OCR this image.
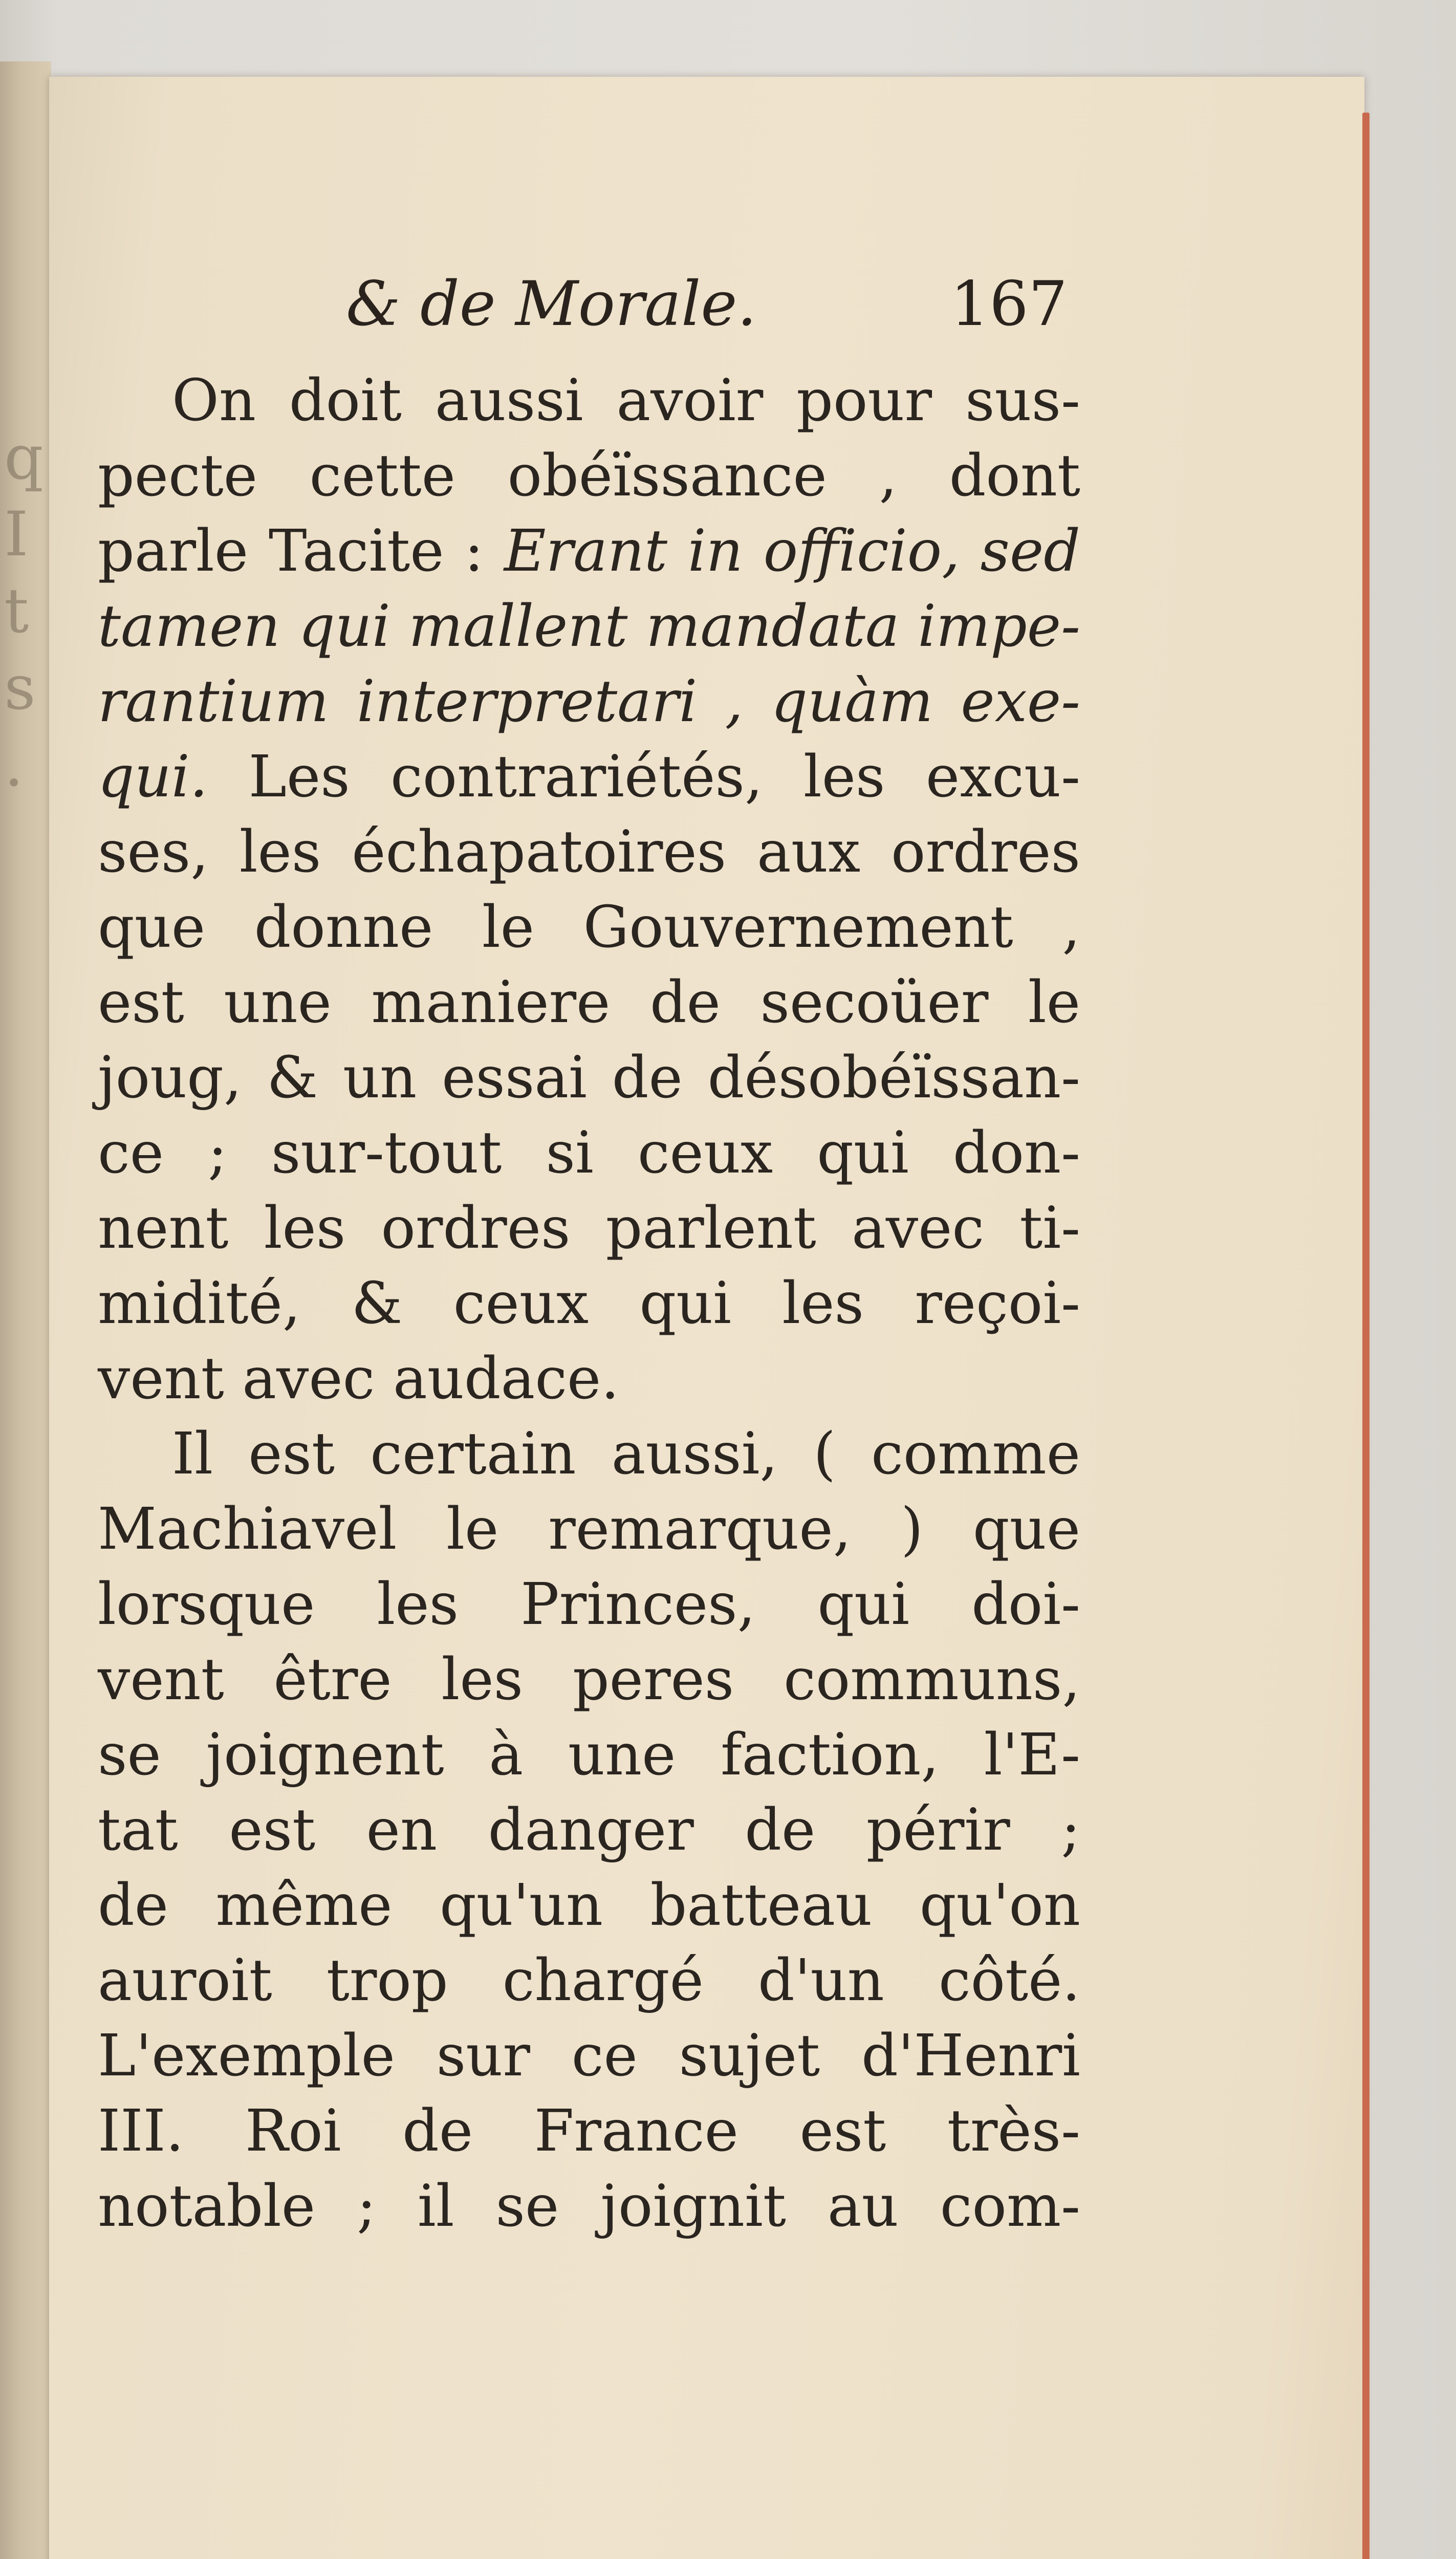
q
I
t
s
.
& de Morale.	167
On doit aussi avoir pour sus-
pecte cette obéïssance , dont
parle Tacite : Erant in officio, sed
tamen qui mallent mandata impe-
rantium interpretari , quàm exe-
qui. Les contrariétés, les excu-
ses, les échapatoires aux ordres
que donne le Gouvernement ,
est une maniere de secoüer le
joug, & un essai de désobéïssan-
ce ; sur-tout si ceux qui don-
nent les ordres parlent avec ti-
midité, & ceux qui les reçoi-
vent avec audace.
Il est certain aussi, ( comme
Machiavel le remarque, ) que
lorsque les Princes, qui doi-
vent être les peres communs,
se joignent à une faction, l'E-
tat est en danger de périr ;
de même qu'un batteau qu'on
auroit trop chargé d'un côté.
L'exemple sur ce sujet d'Henri
III. Roi de France est très-
notable ; il se joignit au com-
